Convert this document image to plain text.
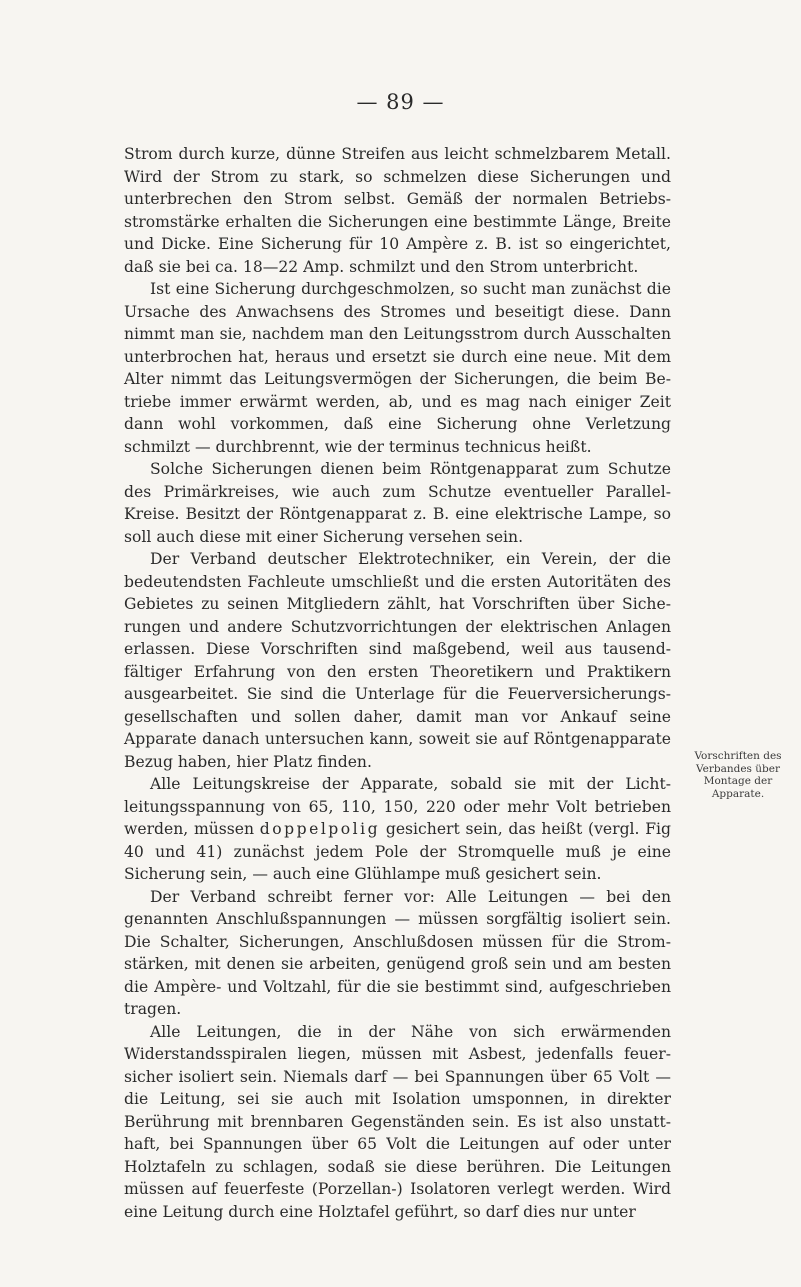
— 89 —

Strom durch kurze, dünne Streifen aus leicht schmelzbarem Metall. Wird der Strom zu stark, so schmelzen diese Sicherungen und unterbrechen den Strom selbst. Gemäß der normalen Betriebsstromstärke erhalten die Sicherungen eine bestimmte Länge, Breite und Dicke. Eine Sicherung für 10 Ampère z. B. ist so eingerichtet, daß sie bei ca. 18—22 Amp. schmilzt und den Strom unterbricht.

Ist eine Sicherung durchgeschmolzen, so sucht man zunächst die Ursache des Anwachsens des Stromes und beseitigt diese. Dann nimmt man sie, nachdem man den Leitungsstrom durch Ausschalten unterbrochen hat, heraus und ersetzt sie durch eine neue. Mit dem Alter nimmt das Leitungsvermögen der Sicherungen, die beim Betriebe immer erwärmt werden, ab, und es mag nach einiger Zeit dann wohl vorkommen, daß eine Sicherung ohne Verletzung schmilzt — durchbrennt, wie der terminus technicus heißt.

Solche Sicherungen dienen beim Röntgenapparat zum Schutze des Primärkreises, wie auch zum Schutze eventueller Parallel-Kreise. Besitzt der Röntgenapparat z. B. eine elektrische Lampe, so soll auch diese mit einer Sicherung versehen sein.

Der Verband deutscher Elektrotechniker, ein Verein, der die bedeutendsten Fachleute umschließt und die ersten Autoritäten des Gebietes zu seinen Mitgliedern zählt, hat Vorschriften über Sicherungen und andere Schutzvorrichtungen der elektrischen Anlagen erlassen. Diese Vorschriften sind maßgebend, weil aus tausendfältiger Erfahrung von den ersten Theoretikern und Praktikern ausgearbeitet. Sie sind die Unterlage für die Feuerversicherungsgesellschaften und sollen daher, damit man vor Ankauf seine Apparate danach untersuchen kann, soweit sie auf Röntgenapparate Bezug haben, hier Platz finden.

Alle Leitungskreise der Apparate, sobald sie mit der Lichtleitungsspannung von 65, 110, 150, 220 oder mehr Volt betrieben werden, müssen doppelpolig gesichert sein, das heißt (vergl. Fig 40 und 41) zunächst jedem Pole der Stromquelle muß je eine Sicherung sein, — auch eine Glühlampe muß gesichert sein.

Der Verband schreibt ferner vor: Alle Leitungen — bei den genannten Anschlußspannungen — müssen sorgfältig isoliert sein. Die Schalter, Sicherungen, Anschlußdosen müssen für die Stromstärken, mit denen sie arbeiten, genügend groß sein und am besten die Ampère- und Voltzahl, für die sie bestimmt sind, aufgeschrieben tragen.

Alle Leitungen, die in der Nähe von sich erwärmenden Widerstandsspiralen liegen, müssen mit Asbest, jedenfalls feuersicher isoliert sein. Niemals darf — bei Spannungen über 65 Volt — die Leitung, sei sie auch mit Isolation umsponnen, in direkter Berührung mit brennbaren Gegenständen sein. Es ist also unstatthaft, bei Spannungen über 65 Volt die Leitungen auf oder unter Holztafeln zu schlagen, sodaß sie diese berühren. Die Leitungen müssen auf feuerfeste (Porzellan-) Isolatoren verlegt werden. Wird eine Leitung durch eine Holztafel geführt, so darf dies nur unter

Vorschriften des Verbandes über Montage der Apparate.
